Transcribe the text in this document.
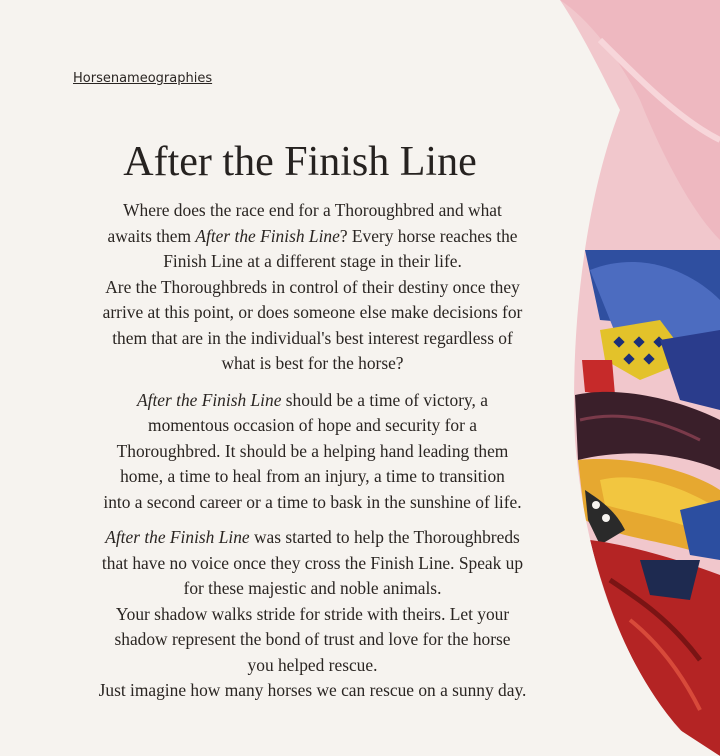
Horsenameographies
After the Finish Line

Where does the race end for a Thoroughbred and what
awaits them After the Finish Line? Every horse reaches the
Finish Line at a different stage in their life.

Are the Thoroughbreds in control of their destiny once they
arrive at this point, or does someone else make decisions for
them that are in the individual's best interest regardless of
what is best for the horse?

After the Finish Line should be a time of victory, a
momentous occasion of hope and security for a
Thoroughbred. It should be a helping hand leading them
home, a time to heal from an injury, a time to transition
into a second career or a time to bask in the sunshine of life.

After the Finish Line was started to help the Thoroughbreds
that have no voice once they cross the Finish Line. Speak up
for these majestic and noble animals.

Your shadow walks stride for stride with theirs. Let your
shadow represent the bond of trust and love for the horse
you helped rescue.

Just imagine how many horses we can rescue on a sunny day.
